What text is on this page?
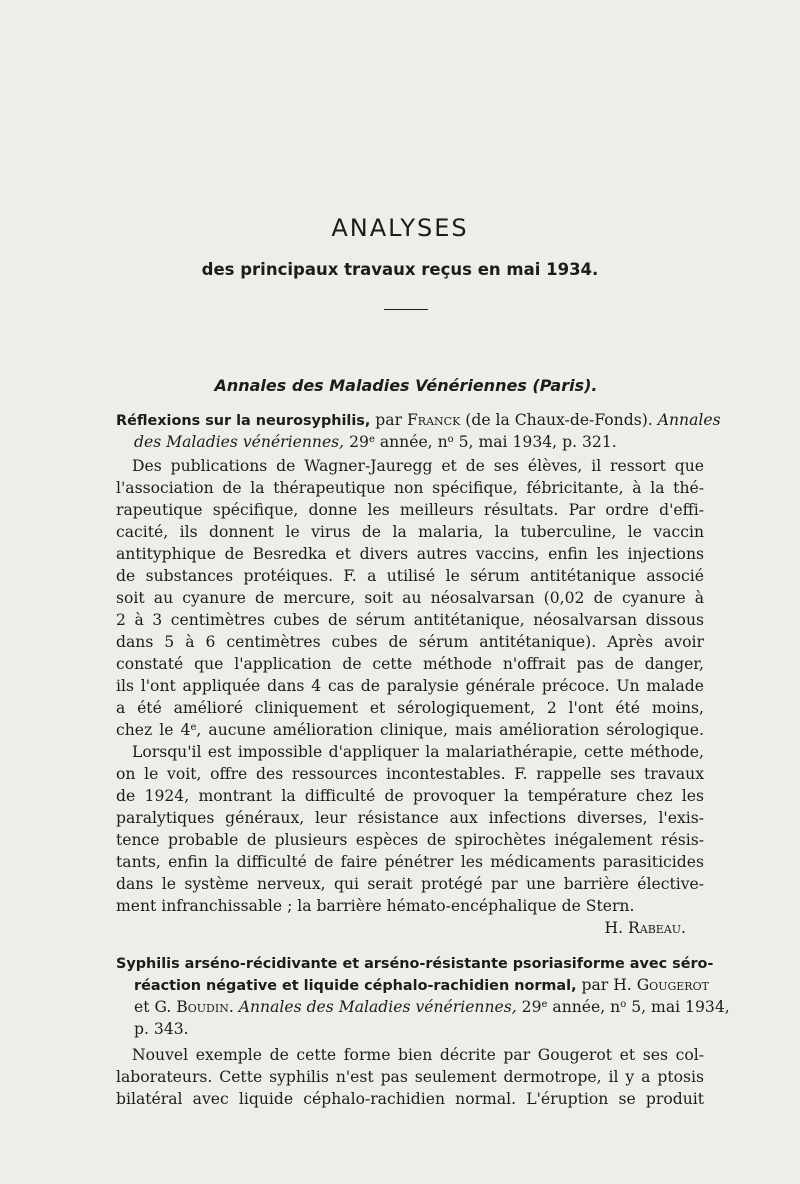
ANALYSES
des principaux travaux reçus en mai 1934.
Annales des Maladies Vénériennes (Paris).
Réflexions sur la neurosyphilis, par Franck (de la Chaux-de-Fonds). Annales
des Maladies vénériennes, 29e année, $n^o$ 5, mai 1934, p. 321.
Des publications de Wagner-Jauregg et de ses élèves, il ressort que
l'association de la thérapeutique non spécifique, fébricitante, à la thé-
rapeutique spécifique, donne les meilleurs résultats. Par ordre d'effi-
cacité, ils donnent le virus de la malaria, la tuberculine, le vaccin
antityphique de Besredka et divers autres vaccins, enfin les injections
de substances protéiques. F. a utilisé le sérum antitétanique associé
soit au cyanure de mercure, soit au néosalvarsan (0,02 de cyanure à
2 à 3 centimètres cubes de sérum antitétanique, néosalvarsan dissous
dans 5 à 6 centimètres cubes de sérum antitétanique). Après avoir
constaté que l'application de cette méthode n'offrait pas de danger,
ils l'ont appliquée dans 4 cas de paralysie générale précoce. Un malade
a été amélioré cliniquement et sérologiquement, 2 l'ont été moins,
chez le 4e, aucune amélioration clinique, mais amélioration sérologique.
Lorsqu'il est impossible d'appliquer la malariathérapie, cette méthode,
on le voit, offre des ressources incontestables. F. rappelle ses travaux
de 1924, montrant la difficulté de provoquer la température chez les
paralytiques généraux, leur résistance aux infections diverses, l'exis-
tence probable de plusieurs espèces de spirochètes inégalement résis-
tants, enfin la difficulté de faire pénétrer les médicaments parasiticides
dans le système nerveux, qui serait protégé par une barrière élective-
ment infranchissable ; la barrière hémato-encéphalique de Stern.
H. Rabeau.
Syphilis arséno-récidivante et arséno-résistante psoriasiforme avec séro-
réaction négative et liquide céphalo-rachidien normal, par H. Gougerot
et G. Boudin. Annales des Maladies vénériennes, 29e année, $n^o$ 5, mai 1934,
p. 343.
Nouvel exemple de cette forme bien décrite par Gougerot et ses col-
laborateurs. Cette syphilis n'est pas seulement dermotrope, il y a ptosis
bilatéral avec liquide céphalo-rachidien normal. L'éruption se produit
